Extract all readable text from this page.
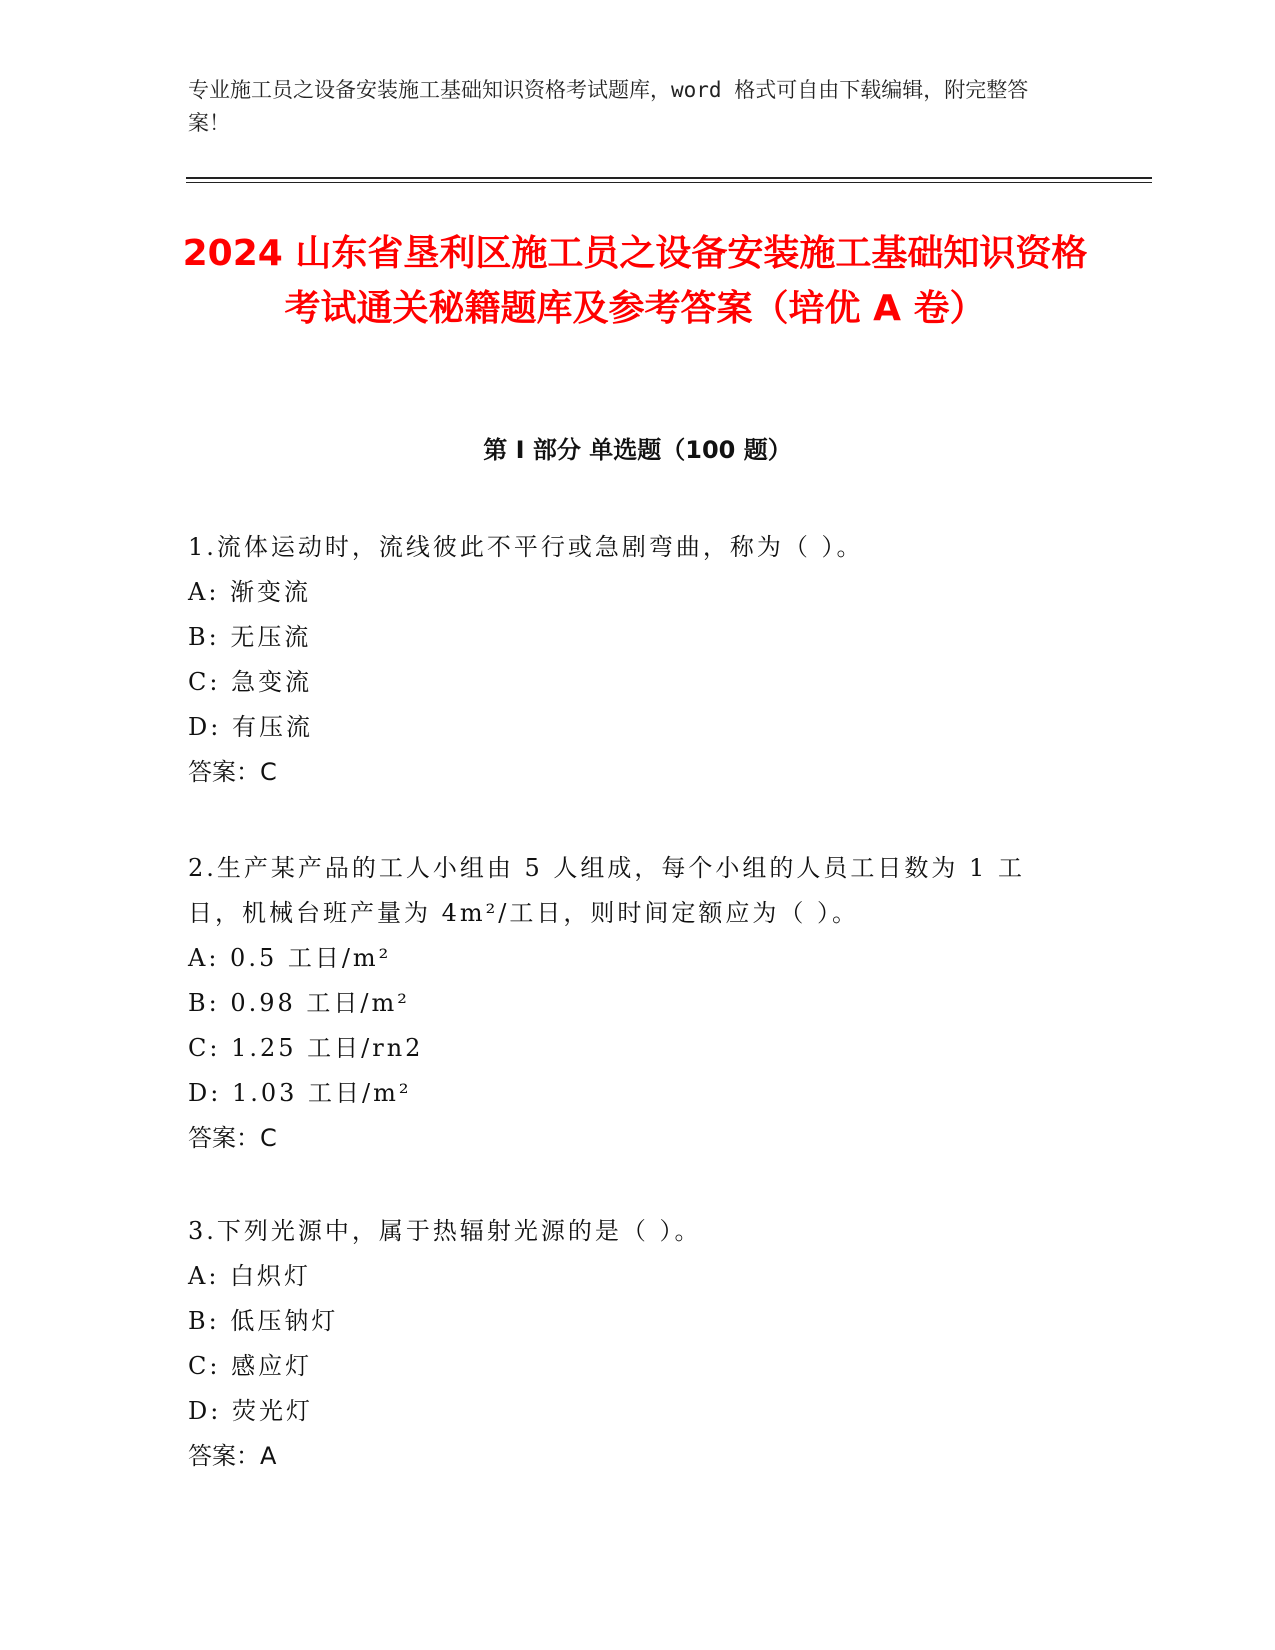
专业施工员之设备安装施工基础知识资格考试题库，word 格式可自由下载编辑，附完整答案！

2024 山东省垦利区施工员之设备安装施工基础知识资格考试通关秘籍题库及参考答案（培优 A 卷）
第 I 部分 单选题（100 题）

1.流体运动时，流线彼此不平行或急剧弯曲，称为（ ）。

A: 渐变流

B: 无压流

C: 急变流

D: 有压流

答案：C

2.生产某产品的工人小组由 5 人组成，每个小组的人员工日数为 1 工日，机械台班产量为 4m²/工日，则时间定额应为（ ）。

A: 0.5 工日/m²

B: 0.98 工日/m²

C: 1.25 工日/rn2

D: 1.03 工日/m²

答案：C

3.下列光源中，属于热辐射光源的是（ ）。

A: 白炽灯

B: 低压钠灯

C: 感应灯

D: 荧光灯

答案：A
